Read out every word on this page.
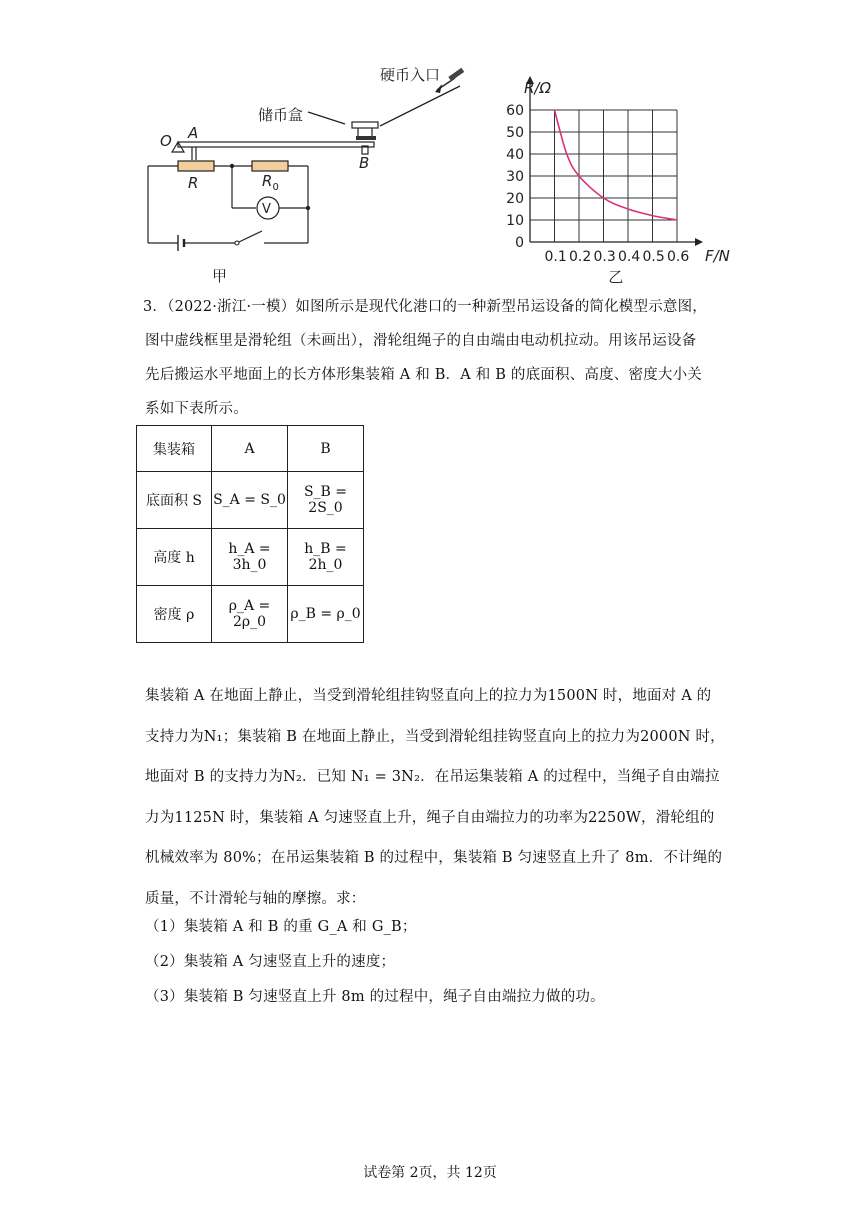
硬币入口
储币盒
O A
B
V
R	$R_0$
甲
0.1 0.2 0.3 0.4 0.5 0.6
0
10
20
30
40
50
60
F/N
R/Ω
乙
3．（2022·浙江·一模）如图所示是现代化港口的一种新型吊运设备的简化模型示意图，
图中虚线框里是滑轮组（未画出），滑轮组绳子的自由端由电动机拉动。用该吊运设备
先后搬运水平地面上的长方体形集装箱 A 和 B．A 和 B 的底面积、高度、密度大小关
系如下表所示。
集装箱	A	B
底面积 S	S_A = S_0	S_B = 2S_0
高度 h	h_A = 3h_0	h_B = 2h_0
密度 ρ	ρ_A = 2ρ_0	ρ_B = ρ_0
集装箱 A 在地面上静止，当受到滑轮组挂钩竖直向上的拉力为1500N 时，地面对 A 的
支持力为N₁；集装箱 B 在地面上静止，当受到滑轮组挂钩竖直向上的拉力为2000N 时，
地面对 B 的支持力为N₂．已知 N₁ = 3N₂．在吊运集装箱 A 的过程中，当绳子自由端拉
力为1125N 时，集装箱 A 匀速竖直上升，绳子自由端拉力的功率为2250W，滑轮组的
机械效率为 80%；在吊运集装箱 B 的过程中，集装箱 B 匀速竖直上升了 8m．不计绳的
质量，不计滑轮与轴的摩擦。求：
（1）集装箱 A 和 B 的重 G_A 和 G_B；
（2）集装箱 A 匀速竖直上升的速度；
（3）集装箱 B 匀速竖直上升 8m 的过程中，绳子自由端拉力做的功。
试卷第 2页，共 12页
